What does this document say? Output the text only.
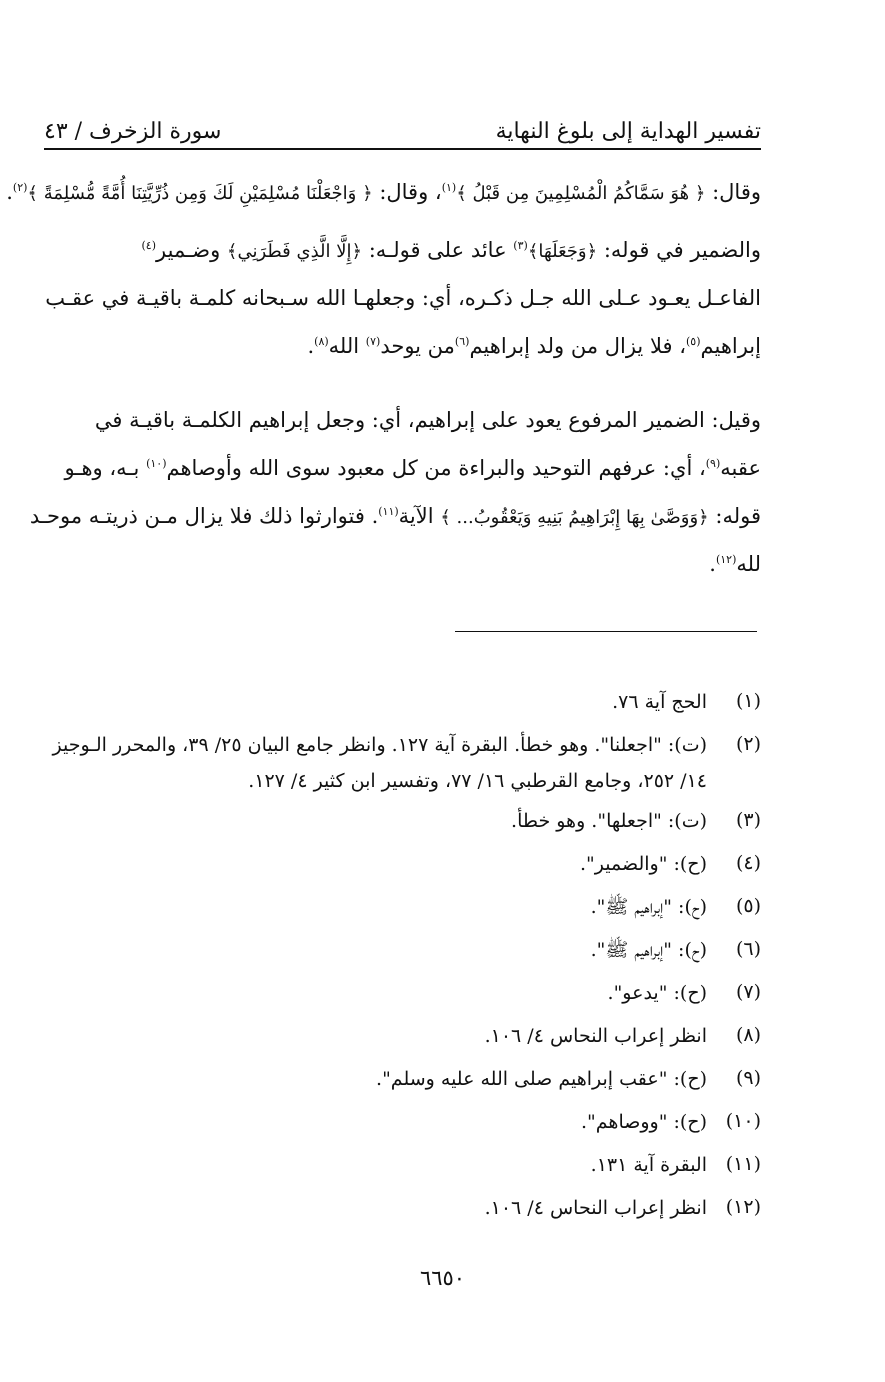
تفسير الهداية إلى بلوغ النهاية
سورة الزخرف / ٤٣

وقال: ﴿ هُوَ سَمَّاكُمُ الْمُسْلِمِينَ مِن قَبْلُ ﴾$^{(١)}$، وقال: ﴿ وَاجْعَلْنَا مُسْلِمَيْنِ لَكَ وَمِن ذُرِّيَّتِنَا أُمَّةً مُّسْلِمَةً ﴾$^{(٢)}$.

والضمير في قوله: ﴿وَجَعَلَهَا﴾$^{(٣)}$ عائد على قولـه: ﴿إِلَّا الَّذِي فَطَرَنِي﴾ وضـمير$^{(٤)}$
الفاعـل يعـود عـلى الله جـل ذكـره، أي: وجعلهـا الله سـبحانه كلمـة باقيـة في عقـب
إبراهيم$^{(٥)}$، فلا يزال من ولد إبراهيم$^{(٦)}$من يوحد$^{(٧)}$ الله$^{(٨)}$.

وقيل: الضمير المرفوع يعود على إبراهيم، أي: وجعل إبراهيم الكلمـة باقيـة في
عقبه$^{(٩)}$، أي: عرفهم التوحيد والبراءة من كل معبود سوى الله وأوصاهم$^{(١٠)}$ بـه، وهـو
قوله: ﴿وَوَصَّىٰ بِهَا إِبْرَاهِيمُ بَنِيهِ وَيَعْقُوبُ... ﴾ الآية$^{(١١)}$. فتوارثوا ذلك فلا يزال مـن ذريتـه موحـد
لله$^{(١٢)}$.

(١)
الحج آية ٧٦.
(٢)
(ت): "اجعلنا". وهو خطأ. البقرة آية ١٢٧. وانظر جامع البيان ٢٥/ ٣٩، والمحرر الـوجيز ١٤/ ٢٥٢، وجامع القرطبي ١٦/ ٧٧، وتفسير ابن كثير ٤/ ١٢٧.
(٣)
(ت): "اجعلها". وهو خطأ.
(٤)
(ح): "والضمير".
(٥)
(ح): "إبراهيم ﷺ".
(٦)
(ح): "إبراهيم ﷺ".
(٧)
(ح): "يدعو".
(٨)
انظر إعراب النحاس ٤/ ١٠٦.
(٩)
(ح): "عقب إبراهيم صلى الله عليه وسلم".
(١٠)
(ح): "ووصاهم".
(١١)
البقرة آية ١٣١.
(١٢)
انظر إعراب النحاس ٤/ ١٠٦.
٦٦٥٠
